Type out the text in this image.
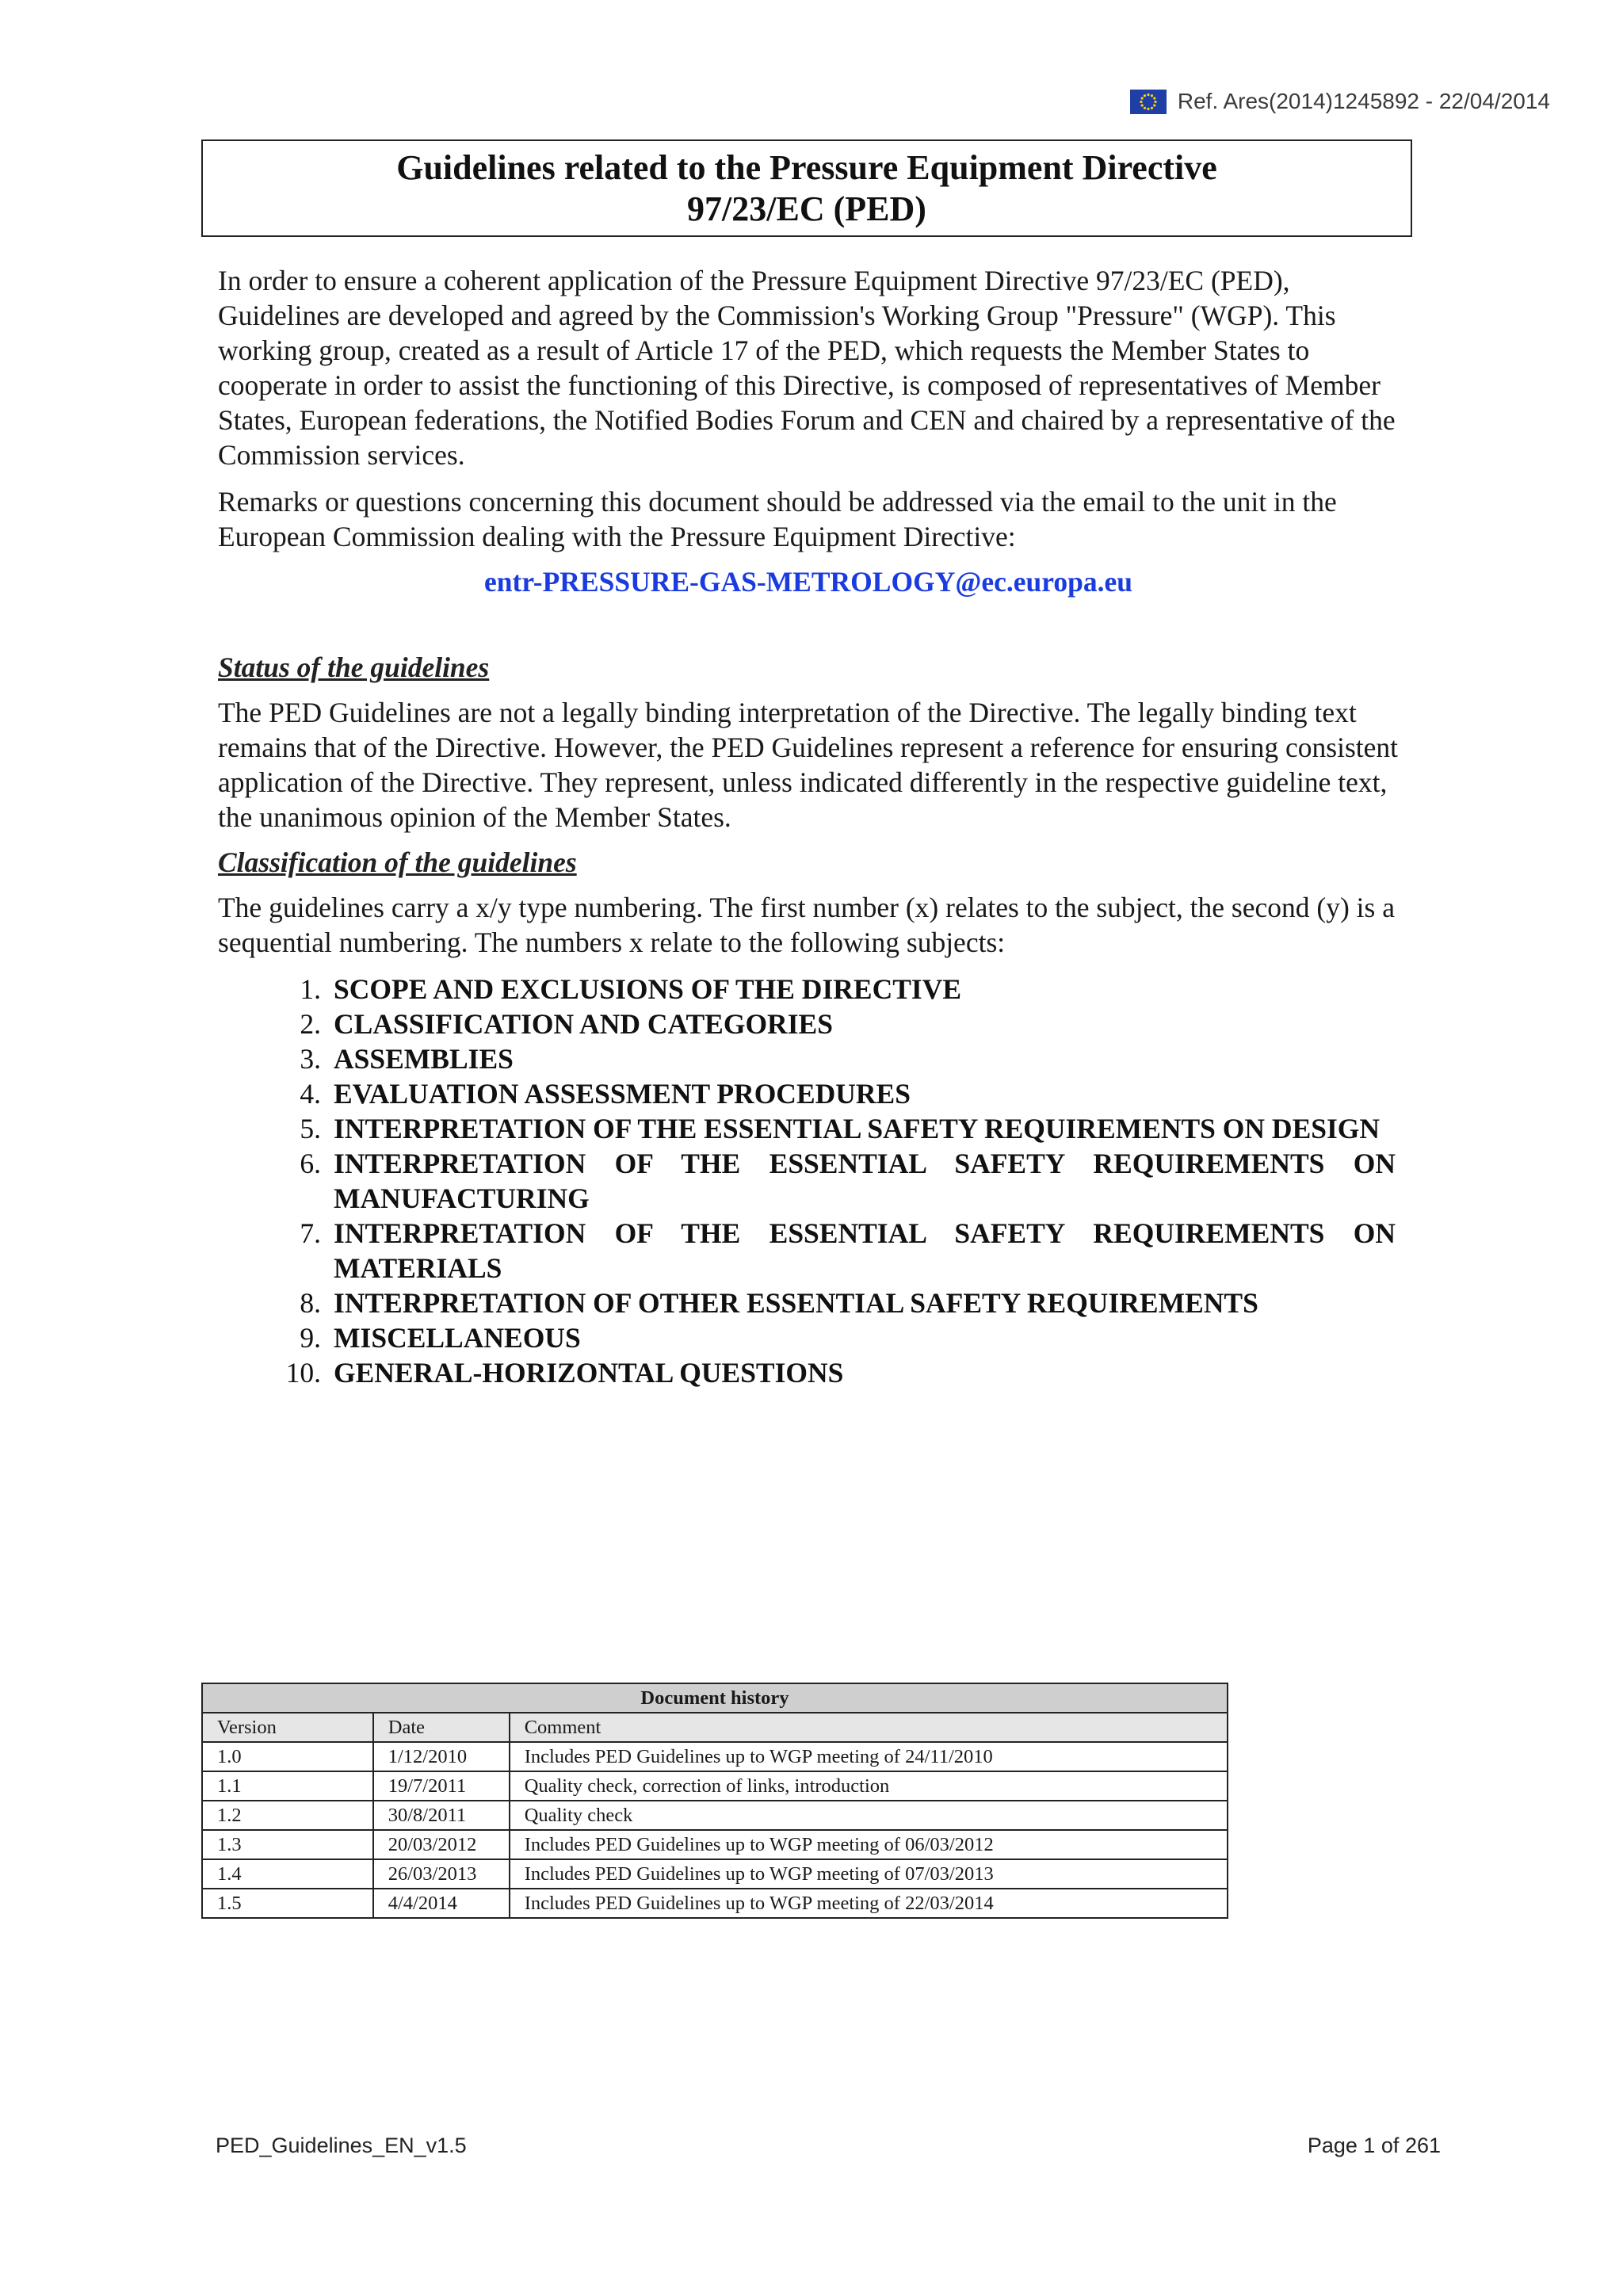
Ref. Ares(2014)1245892 - 22/04/2014
Guidelines related to the Pressure Equipment Directive
97/23/EC (PED)

In order to ensure a coherent application of the Pressure Equipment Directive 97/23/EC (PED), Guidelines are developed and agreed by the Commission's Working Group "Pressure" (WGP). This working group, created as a result of Article 17 of the PED, which requests the Member States to cooperate in order to assist the functioning of this Directive, is composed of representatives of Member States, European federations, the Notified Bodies Forum and CEN and chaired by a representative of the Commission services.

Remarks or questions concerning this document should be addressed via the email to the unit in the European Commission dealing with the Pressure Equipment Directive:

entr-PRESSURE-GAS-METROLOGY@ec.europa.eu

Status of the guidelines

The PED Guidelines are not a legally binding interpretation of the Directive. The legally binding text remains that of the Directive. However, the PED Guidelines represent a reference for ensuring consistent application of the Directive. They represent, unless indicated differently in the respective guideline text, the unanimous opinion of the Member States.

Classification of the guidelines

The guidelines carry a x/y type numbering. The first number (x) relates to the subject, the second (y) is a sequential numbering. The numbers x relate to the following subjects:

1. SCOPE AND EXCLUSIONS OF THE DIRECTIVE
2. CLASSIFICATION AND CATEGORIES
3. ASSEMBLIES
4. EVALUATION ASSESSMENT PROCEDURES
5. INTERPRETATION OF THE ESSENTIAL SAFETY REQUIREMENTS ON DESIGN
6. INTERPRETATION OF THE ESSENTIAL SAFETY REQUIREMENTS ON MANUFACTURING
7. INTERPRETATION OF THE ESSENTIAL SAFETY REQUIREMENTS ON MATERIALS
8. INTERPRETATION OF OTHER ESSENTIAL SAFETY REQUIREMENTS
9. MISCELLANEOUS
10. GENERAL-HORIZONTAL QUESTIONS
Document history		
Version	Date	Comment
1.0	1/12/2010	Includes PED Guidelines up to WGP meeting of 24/11/2010
1.1	19/7/2011	Quality check, correction of links, introduction
1.2	30/8/2011	Quality check
1.3	20/03/2012	Includes PED Guidelines up to WGP meeting of 06/03/2012
1.4	26/03/2013	Includes PED Guidelines up to WGP meeting of 07/03/2013
1.5	4/4/2014	Includes PED Guidelines up to WGP meeting of 22/03/2014
PED_Guidelines_EN_v1.5	Page 1 of 261
